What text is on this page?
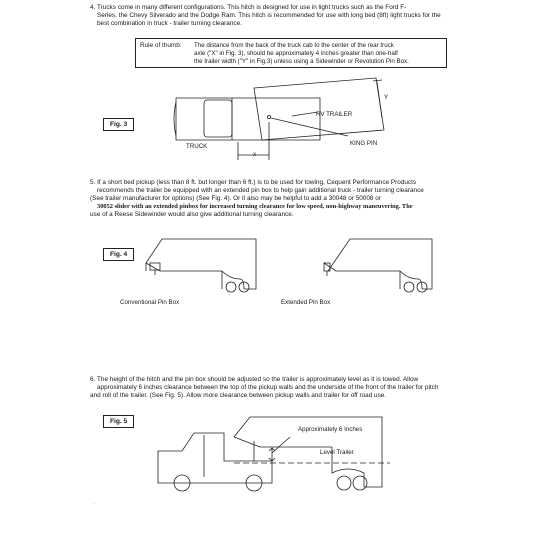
4. Trucks come in many different configurations. This hitch is designed for use in light trucks such as the Ford F-
Series, the Chevy Silverado and the Dodge Ram. This hitch is recommended for use with long bed (8ft) light trucks for the
best combination in truck - trailer turning clearance.
Rule of thumb: The distance from the back of the truck cab to the center of the rear truck
axle ("X" in Fig. 3), should be approximately 4 inches greater than one-half
the trailer width ("Y" in Fig.3) unless using a Sidewinder or Revolution Pin Box.
Fig. 3
RV TRAILER
KING PIN
TRUCK
x
Y
5. If a short bed pickup (less than 8 ft. but longer than 6 ft.) is to be used for towing, Cequent Performance Products
recommends the trailer be equipped with an extended pin box to help gain additional truck - trailer turning clearance
(See trailer manufacturer for options) (See Fig. 4). Or it also may be helpful to add a 30048 or 50008 or
30052 slider with an extended pinbox for increased turning clearance for low speed, non-highway maneuvering. The
use of a Reese Sidewinder would also give additional turning clearance.
Fig. 4
Conventional Pin Box	Extended Pin Box
6. The height of the hitch and the pin box should be adjusted so the trailer is approximately level as it is towed. Allow
approximately 6 inches clearance between the top of the pickup walls and the underside of the front of the trailer for pitch
and roll of the trailer. (See Fig. 5). Allow more clearance between pickup walls and trailer for off road use.
Fig. 5
Approximately 6 Inches
Level Trailer
.
